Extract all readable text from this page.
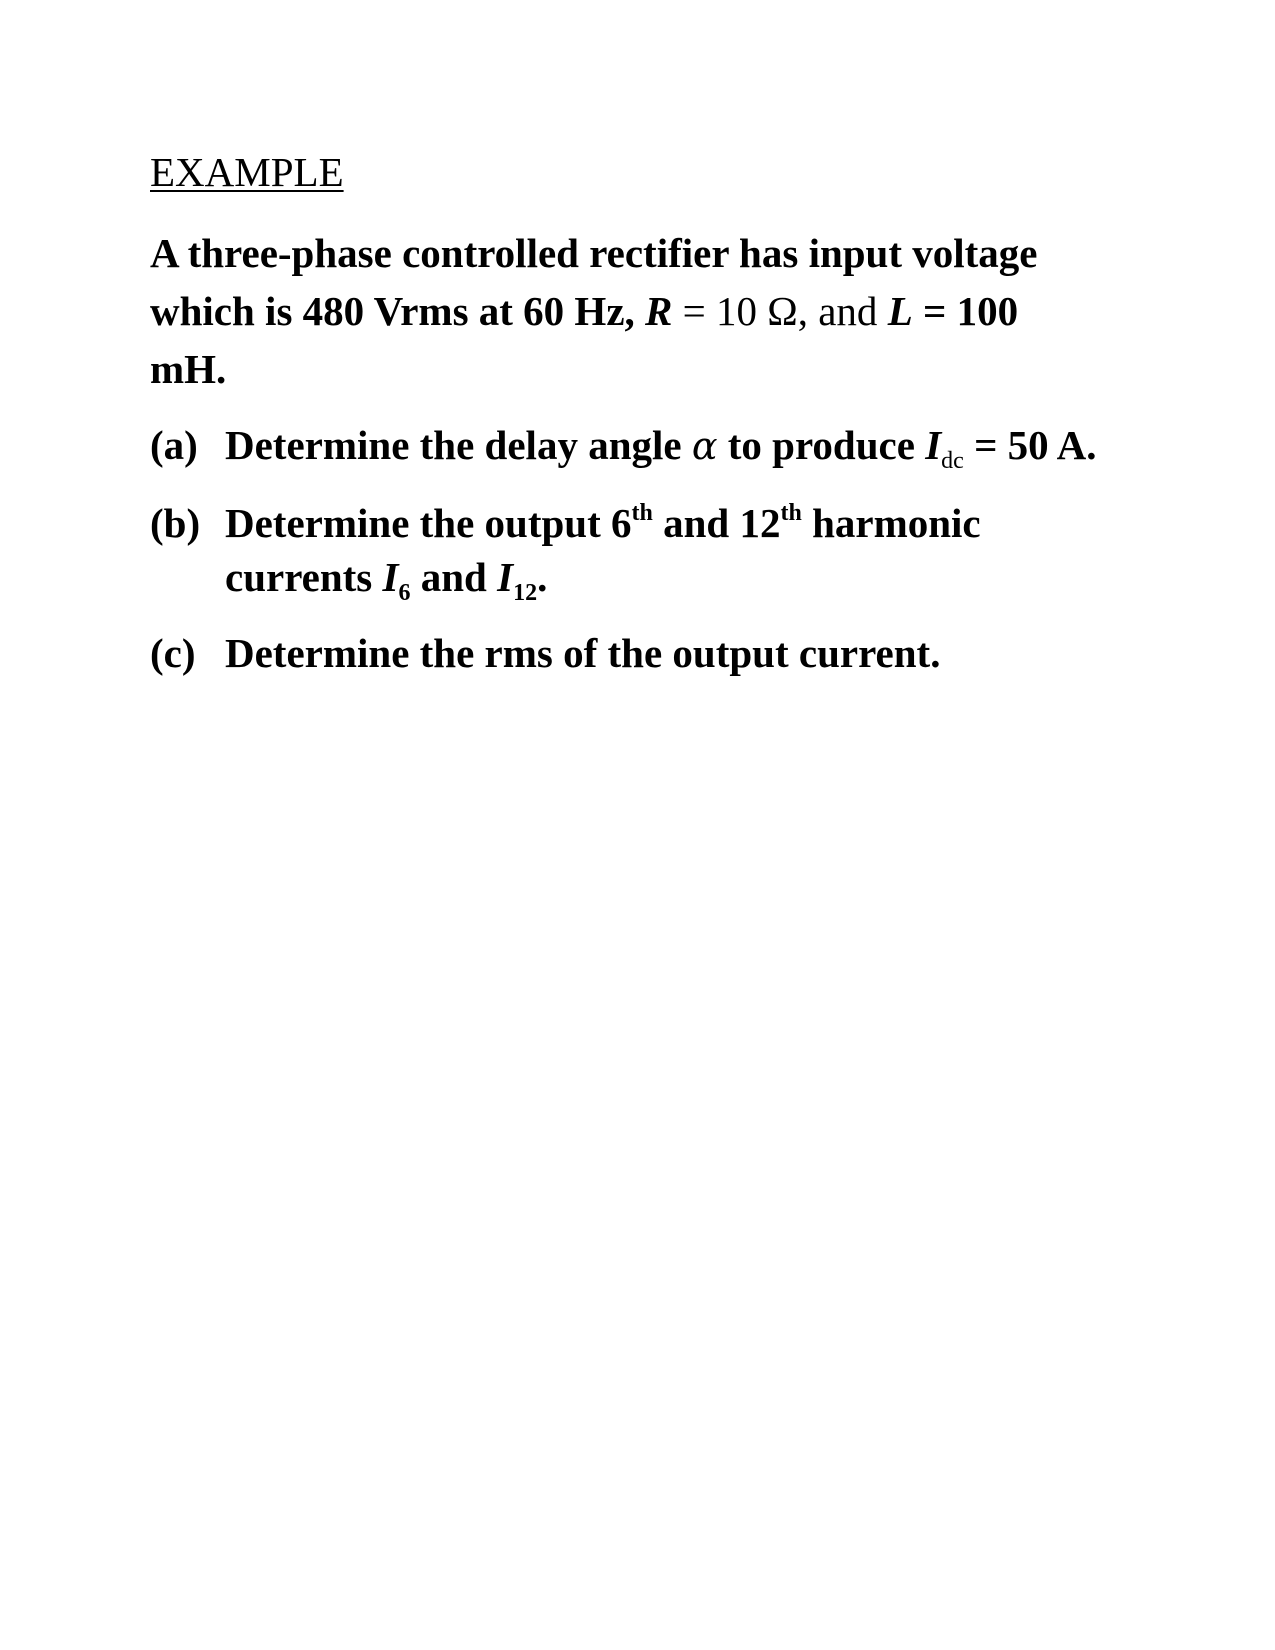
EXAMPLE

A three-phase controlled rectifier has input voltage
which is 480 Vrms at 60 Hz, R = 10 Ω, and L = 100
mH.

(a) Determine the delay angle α to produce $I_{dc} = 50$ A.
(b) Determine the output 6th and 12th harmonic
currents $I_6$ and $I_{12}$.
(c) Determine the rms of the output current.
